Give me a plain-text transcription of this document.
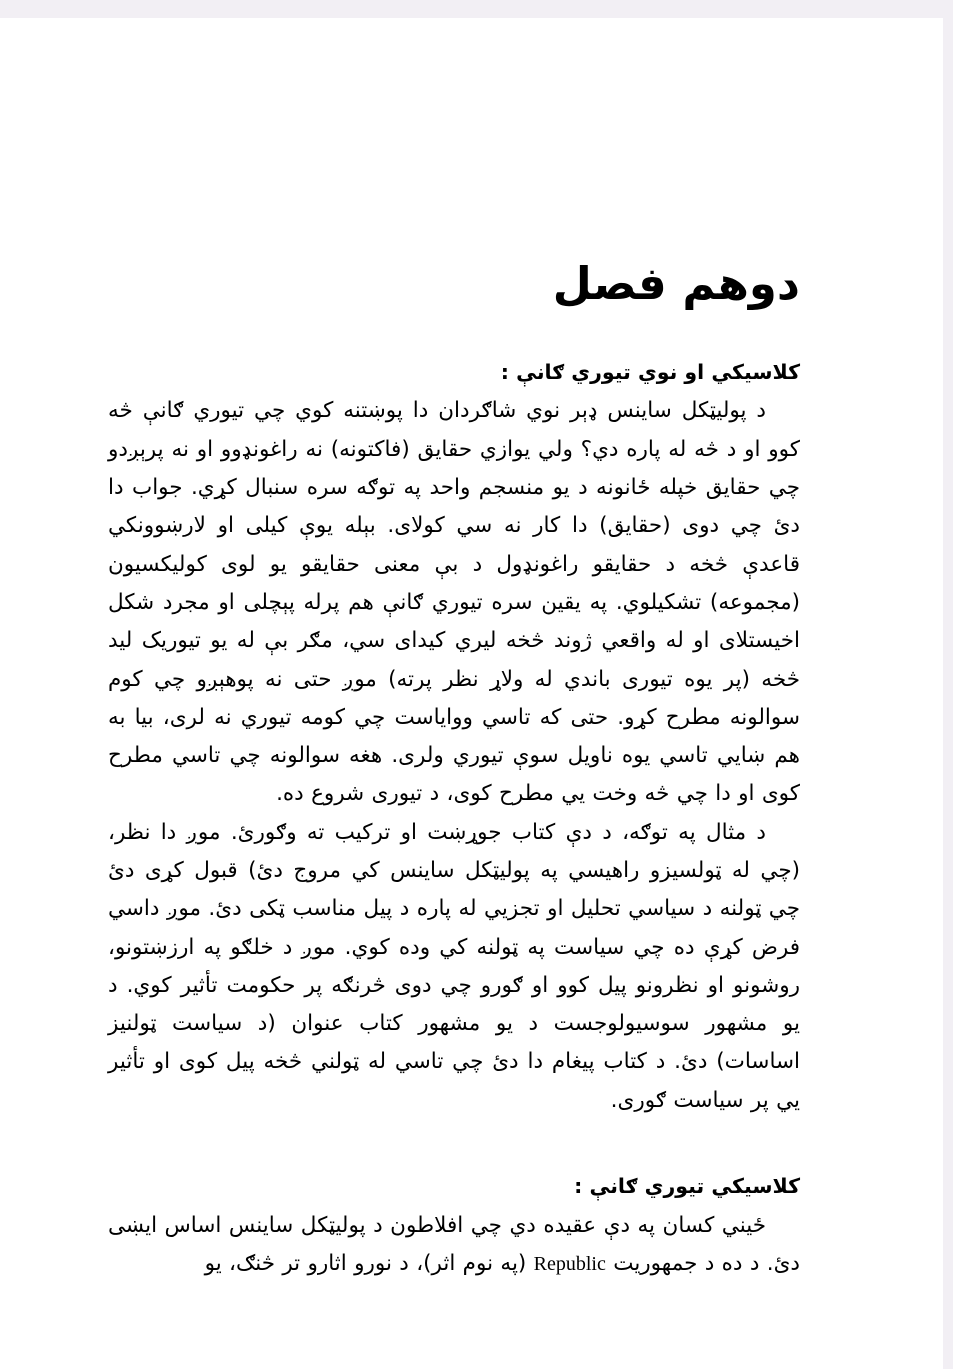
دوهم فصل
کلاسیکي او نوي تیوري ګانې :

د پولیټکل ساینس ډېر نوي شاګردان دا پوښتنه کوي چي تیوري ګانې څه کوو او د څه له پاره دي؟ ولي یوازي حقایق (فاکتونه) نه راغونډوو او نه پرېږدو چي حقایق خپله ځانونه د یو منسجم واحد په توګه سره سنبال کړي. جواب دا دئ چي دوی (حقایق) دا کار نه سي کولای. بېله یوې کیلی او لارښوونکي قاعدې څخه د حقایقو راغونډول د بې معنی حقایقو یو لوی کولیکسیون (مجموعه) تشکیلوي. په یقین سره تیوري ګانې هم پرله پېچلی او مجرد شکل اخیستلای او له واقعي ژوند څخه لیري کیدای سي، مګر بې له یو تیوریک لید څخه (پر یوه تیوری باندي له ولاړ نظر پرته) موږ حتی نه پوهېږو چي کوم سوالونه مطرح کړو. حتی که تاسي ووایاست چي کومه تیوري نه لری، بیا به هم ښایي تاسي یوه ناویل سوې تیوري ولری. هغه سوالونه چي تاسي مطرح کوی او دا چي څه وخت یي مطرح کوی، د تیوری شروع ده.

د مثال په توګه، د دې کتاب جوړښت او ترکیب ته وګورئ. موږ دا نظر، (چي له ټولسیزو راهیسي په پولیټکل ساینس کي مروج دئ) قبول کړی دئ چي ټولنه د سیاسي تحلیل او تجزیي له پاره د پیل مناسب ټکی دئ. موږ داسي فرض کړې ده چي سیاست په ټولنه کي وده کوي. موږ د خلګو په ارزښتونو، روشونو او نظرونو پیل کوو او ګورو چي دوی څرنګه پر حکومت تأثیر کوي. د یو مشهور سوسیولوجست د یو مشهور کتاب عنوان (د سیاست ټولنیز اساسات) دئ. د کتاب پیغام دا دئ چي تاسي له ټولني څخه پیل کوی او تأثیر یي پر سیاست ګوری.

کلاسیکي تیوري ګانې :

ځیني کسان په دې عقیده دي چي افلاطون د پولیټکل ساینس اساس ایښی دئ. د ده د جمهوریت Republic (په نوم اثر)، د نورو اثارو تر څنګ، یو
